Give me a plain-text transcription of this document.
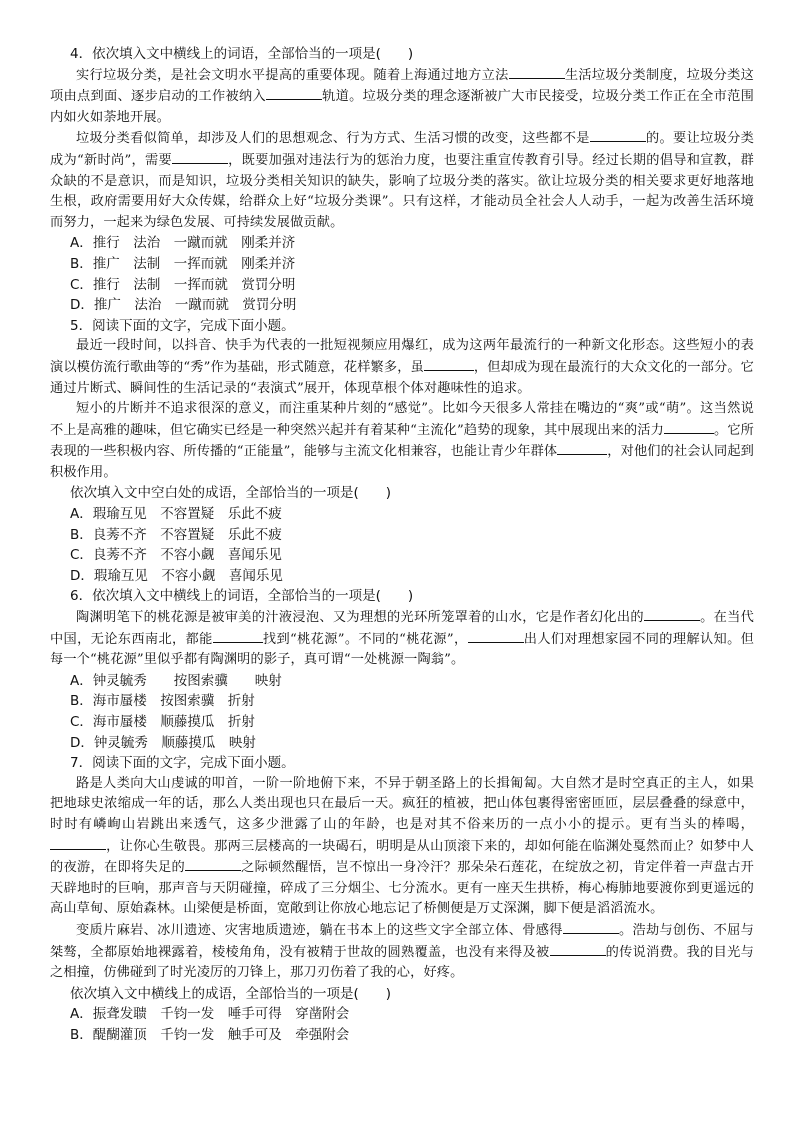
4．依次填入文中横线上的词语，全部恰当的一项是(　　)
实行垃圾分类，是社会文明水平提高的重要体现。随着上海通过地方立法	生活垃圾分类制度，垃圾分类这项由点到面、逐步启动的工作被纳入	轨道。垃圾分类的理念逐渐被广大市民接受，垃圾分类工作正在全市范围内如火如荼地开展。
垃圾分类看似简单，却涉及人们的思想观念、行为方式、生活习惯的改变，这些都不是	的。要让垃圾分类成为“新时尚”，需要	，既要加强对违法行为的惩治力度，也要注重宣传教育引导。经过长期的倡导和宣教，群众缺的不是意识，而是知识，垃圾分类相关知识的缺失，影响了垃圾分类的落实。欲让垃圾分类的相关要求更好地落地生根，政府需要用好大众传媒，给群众上好“垃圾分类课”。只有这样，才能动员全社会人人动手，一起为改善生活环境而努力，一起来为绿色发展、可持续发展做贡献。
A．推行　法治　一蹴而就　刚柔并济
B．推广　法制　一挥而就　刚柔并济
C．推行　法制　一挥而就　赏罚分明
D．推广　法治　一蹴而就　赏罚分明
5．阅读下面的文字，完成下面小题。
最近一段时间，以抖音、快手为代表的一批短视频应用爆红，成为这两年最流行的一种新文化形态。这些短小的表演以模仿流行歌曲等的“秀”作为基础，形式随意，花样繁多，虽	，但却成为现在最流行的大众文化的一部分。它通过片断式、瞬间性的生活记录的“表演式”展开，体现草根个体对趣味性的追求。
短小的片断并不追求很深的意义，而注重某种片刻的“感觉”。比如今天很多人常挂在嘴边的“爽”或“萌”。这当然说不上是高雅的趣味，但它确实已经是一种突然兴起并有着某种“主流化”趋势的现象，其中展现出来的活力	。它所表现的一些积极内容、所传播的“正能量”，能够与主流文化相兼容，也能让青少年群体	，对他们的社会认同起到积极作用。
依次填入文中空白处的成语，全部恰当的一项是(　　)
A．瑕瑜互见　不容置疑　乐此不疲
B．良莠不齐　不容置疑　乐此不疲
C．良莠不齐　不容小觑　喜闻乐见
D．瑕瑜互见　不容小觑　喜闻乐见
6．依次填入文中横线上的词语，全部恰当的一项是(　　)
陶渊明笔下的桃花源是被审美的汁液浸泡、又为理想的光环所笼罩着的山水，它是作者幻化出的	。在当代中国，无论东西南北，都能	找到“桃花源”。不同的“桃花源”，	出人们对理想家园不同的理解认知。但每一个“桃花源”里似乎都有陶渊明的影子，真可谓“一处桃源一陶翁”。
A．钟灵毓秀　　按图索骥　　映射
B．海市蜃楼　按图索骥　折射
C．海市蜃楼　顺藤摸瓜　折射
D．钟灵毓秀　顺藤摸瓜　映射
7．阅读下面的文字，完成下面小题。
路是人类向大山虔诚的叩首，一阶一阶地俯下来，不异于朝圣路上的长揖匍匐。大自然才是时空真正的主人，如果把地球史浓缩成一年的话，那么人类出现也只在最后一天。疯狂的植被，把山体包裹得密密匝匝，层层叠叠的绿意中，时时有嶙峋山岩跳出来透气，这多少泄露了山的年龄，也是对其不俗来历的一点小小的提示。更有当头的棒喝，，让你心生敬畏。那两三层楼高的一块碣石，明明是从山顶滚下来的，却如何能在临渊处戛然而止？如梦中人的夜游，在即将失足的	之际顿然醒悟，岂不惊出一身冷汗？那朵朵石莲花，在绽放之初，肯定伴着一声盘古开天辟地时的巨响，那声音与天阴碰撞，碎成了三分烟尘、七分流水。更有一座天生拱桥，梅心梅肺地要渡你到更遥远的高山草甸、原始森林。山梁便是桥面，宽敞到让你放心地忘记了桥侧便是万丈深渊，脚下便是滔滔流水。
变质片麻岩、冰川遗迹、灾害地质遗迹，躺在书本上的这些文字全部立体、骨感得	。浩劫与创伤、不屈与桀骜，全都原始地裸露着，棱棱角角，没有被精于世故的圆熟覆盖，也没有来得及被	的传说消费。我的目光与之相撞，仿佛碰到了时光凌厉的刀锋上，那刀刃伤着了我的心，好疼。
依次填入文中横线上的成语，全部恰当的一项是(　　)
A．振聋发聩　千钧一发　唾手可得　穿凿附会
B．醍醐灌顶　千钧一发　触手可及　牵强附会
